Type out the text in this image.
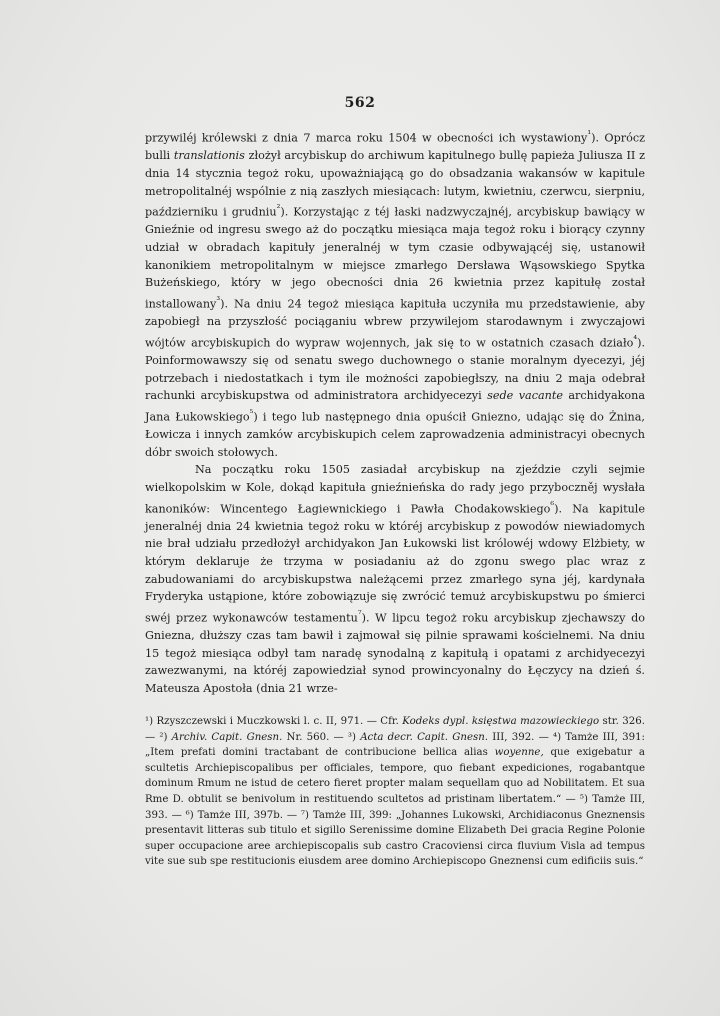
562

przywiléj królewski z dnia 7 marca roku 1504 w obecności ich wystawiony$^{^1}$). Oprócz bulli translationis złożył arcybiskup do archiwum kapitulnego bullę papieża Juliusza II z dnia 14 stycznia tegoż roku, upoważniającą go do obsadzania wakansów w kapitule metropolitalnéj wspólnie z nią zaszłych miesiącach: lutym, kwietniu, czerwcu, sierpniu, październiku i grudniu$^{^2}$). Korzystając z téj łaski nadzwyczajnéj, arcybiskup bawiący w Gnieźnie od ingresu swego aż do początku miesiąca maja tegoż roku i biorący czynny udział w obradach kapituły jeneralnéj w tym czasie odbywającéj się, ustanowił kanonikiem metropolitalnym w miejsce zmarłego Dersława Wąsowskiego Spytka Bużeńskiego, który w jego obecności dnia 26 kwietnia przez kapitułę został installowany$^{^3}$). Na dniu 24 tegoż miesiąca kapituła uczyniła mu przedstawienie, aby zapobiegł na przyszłość pociąganiu wbrew przywilejom starodawnym i zwyczajowi wójtów arcybiskupich do wypraw wojennych, jak się to w ostatnich czasach działo$^{^4}$). Poinformowawszy się od senatu swego duchownego o stanie moralnym dyecezyi, jéj potrzebach i niedostatkach i tym ile możności zapobiegłszy, na dniu 2 maja odebrał rachunki arcybiskupstwa od administratora archidyecezyi sede vacante archidyakona Jana Łukowskiego$^{^5}$) i tego lub następnego dnia opuścił Gniezno, udając się do Żnina, Łowicza i innych zamków arcybiskupich celem zaprowadzenia administracyi obecnych dóbr swoich stołowych.

Na początku roku 1505 zasiadał arcybiskup na zjeździe czyli sejmie wielkopolskim w Kole, dokąd kapituła gnieźnieńska do rady jego przyboczněj wysłała kanoników: Wincentego Łagiewnickiego i Pawła Chodakowskiego$^{^6}$). Na kapitule jeneralnéj dnia 24 kwietnia tegoż roku w któréj arcybiskup z powodów niewiadomych nie brał udziału przedłożył archidyakon Jan Łukowski list królowéj wdowy Elżbiety, w którym deklaruje że trzyma w posiadaniu aż do zgonu swego plac wraz z zabudowaniami do arcybiskupstwa należącemi przez zmarłego syna jéj, kardynała Fryderyka ustąpione, które zobowiązuje się zwrócić temuż arcybiskupstwu po śmierci swéj przez wykonawców testamentu$^{^7}$). W lipcu tegoż roku arcybiskup zjechawszy do Gniezna, dłuższy czas tam bawił i zajmował się pilnie sprawami kościelnemi. Na dniu 15 tegoż miesiąca odbył tam naradę synodalną z kapitułą i opatami z archidyecezyi zawezwanymi, na któréj zapowiedział synod prowincyonalny do Łęczycy na dzień ś. Mateusza Apostoła (dnia 21 wrze-

¹) Rzyszczewski i Muczkowski l. c. II, 971. — Cfr. Kodeks dypl. księstwa mazowieckiego str. 326. — ²) Archiv. Capit. Gnesn. Nr. 560. — ³) Acta decr. Capit. Gnesn. III, 392. — ⁴) Tamże III, 391: „Item prefati domini tractabant de contribucione bellica alias woyenne, que exigebatur a scultetis Archiepiscopalibus per officiales, tempore, quo fiebant expediciones, rogabantque dominum Rmum ne istud de cetero fieret propter malam sequellam quo ad Nobilitatem. Et sua Rme D. obtulit se benivolum in restituendo scultetos ad pristinam libertatem.“ — ⁵) Tamże III, 393. — ⁶) Tamże III, 397b. — ⁷) Tamże III, 399: „Johannes Lukowski, Archidiaconus Gneznensis presentavit litteras sub titulo et sigillo Serenissime domine Elizabeth Dei gracia Regine Polonie super occupacione aree archiepiscopalis sub castro Cracoviensi circa fluvium Visla ad tempus vite sue sub spe restitucionis eiusdem aree domino Archiepiscopo Gneznensi cum edificiis suis.“
